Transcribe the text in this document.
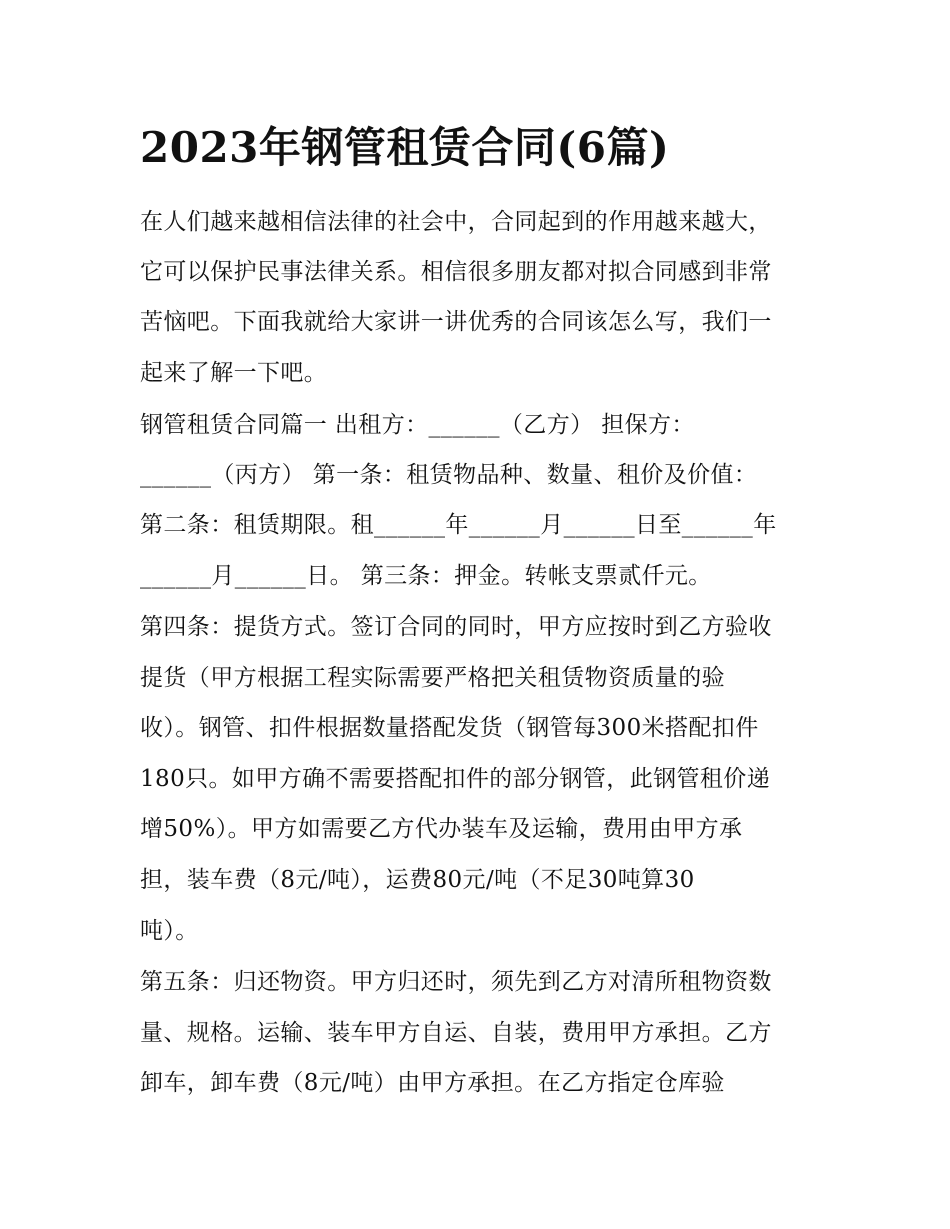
2023年钢管租赁合同(6篇)
在人们越来越相信法律的社会中，合同起到的作用越来越大，
它可以保护民事法律关系。相信很多朋友都对拟合同感到非常
苦恼吧。下面我就给大家讲一讲优秀的合同该怎么写，我们一
起来了解一下吧。
钢管租赁合同篇一 出租方：______（乙方） 担保方：
______（丙方） 第一条：租赁物品种、数量、租价及价值：
第二条：租赁期限。租______年______月______日至______年
______月______日。 第三条：押金。转帐支票贰仟元。
第四条：提货方式。签订合同的同时，甲方应按时到乙方验收
提货（甲方根据工程实际需要严格把关租赁物资质量的验
收）。钢管、扣件根据数量搭配发货（钢管每300米搭配扣件
180只。如甲方确不需要搭配扣件的部分钢管，此钢管租价递
增50%）。甲方如需要乙方代办装车及运输，费用由甲方承
担，装车费（8元/吨），运费80元/吨（不足30吨算30
吨）。
第五条：归还物资。甲方归还时，须先到乙方对清所租物资数
量、规格。运输、装车甲方自运、自装，费用甲方承担。乙方
卸车，卸车费（8元/吨）由甲方承担。在乙方指定仓库验
